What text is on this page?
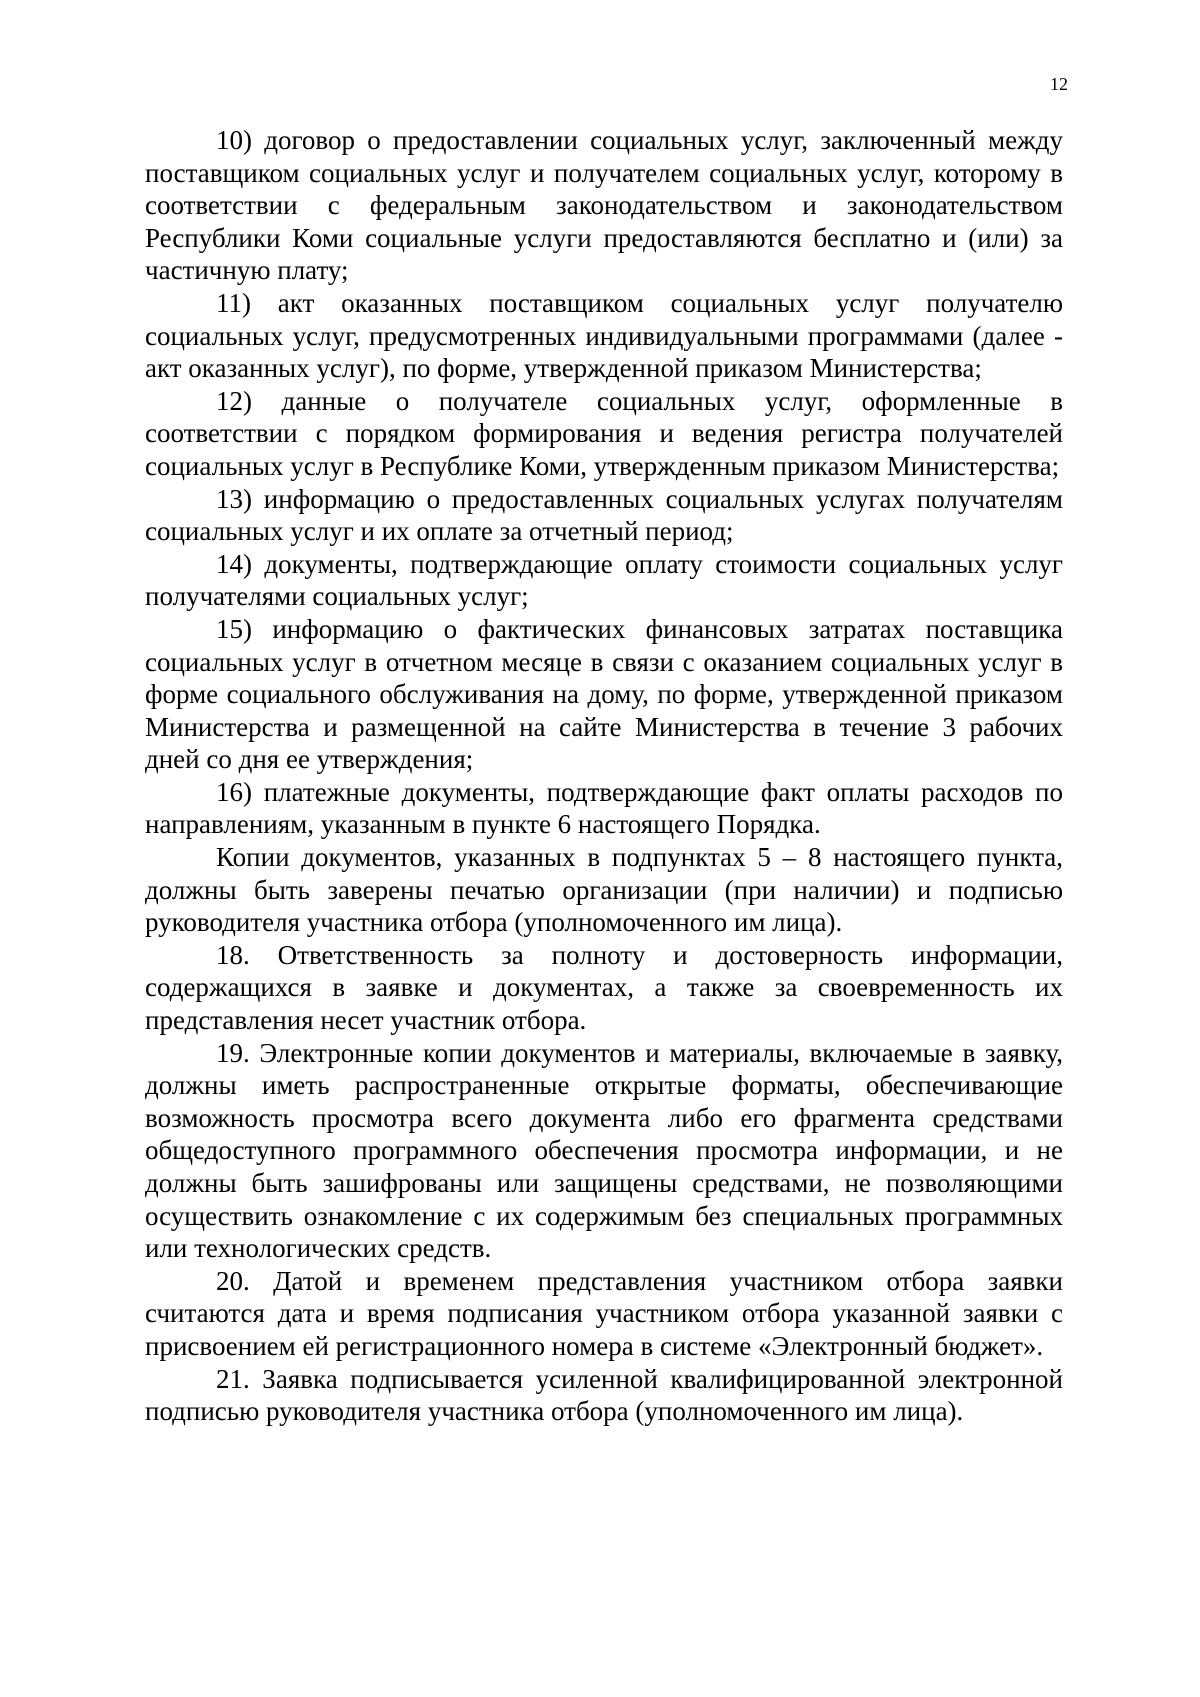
12

10) договор о предоставлении социальных услуг, заключенный между поставщиком социальных услуг и получателем социальных услуг, которому в соответствии с федеральным законодательством и законодательством Республики Коми социальные услуги предоставляются бесплатно и (или) за частичную плату;

11) акт оказанных поставщиком социальных услуг получателю социальных услуг, предусмотренных индивидуальными программами (далее - акт оказанных услуг), по форме, утвержденной приказом Министерства;

12) данные о получателе социальных услуг, оформленные в соответствии с порядком формирования и ведения регистра получателей социальных услуг в Республике Коми, утвержденным приказом Министерства;

13) информацию о предоставленных социальных услугах получателям социальных услуг и их оплате за отчетный период;

14) документы, подтверждающие оплату стоимости социальных услуг получателями социальных услуг;

15) информацию о фактических финансовых затратах поставщика социальных услуг в отчетном месяце в связи с оказанием социальных услуг в форме социального обслуживания на дому, по форме, утвержденной приказом Министерства и размещенной на сайте Министерства в течение 3 рабочих дней со дня ее утверждения;

16) платежные документы, подтверждающие факт оплаты расходов по направлениям, указанным в пункте 6 настоящего Порядка.

Копии документов, указанных в подпунктах 5 – 8 настоящего пункта, должны быть заверены печатью организации (при наличии) и подписью руководителя участника отбора (уполномоченного им лица).

18. Ответственность за полноту и достоверность информации, содержащихся в заявке и документах, а также за своевременность их представления несет участник отбора.

19. Электронные копии документов и материалы, включаемые в заявку, должны иметь распространенные открытые форматы, обеспечивающие возможность просмотра всего документа либо его фрагмента средствами общедоступного программного обеспечения просмотра информации, и не должны быть зашифрованы или защищены средствами, не позволяющими осуществить ознакомление с их содержимым без специальных программных или технологических средств.

20. Датой и временем представления участником отбора заявки считаются дата и время подписания участником отбора указанной заявки с присвоением ей регистрационного номера в системе «Электронный бюджет».

21. Заявка подписывается усиленной квалифицированной электронной подписью руководителя участника отбора (уполномоченного им лица).
